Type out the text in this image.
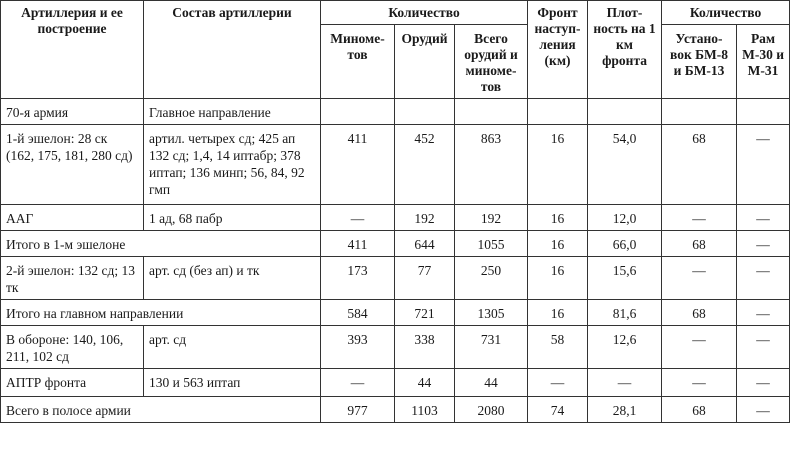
Артиллерия и ее построение	Состав артиллерии	Количество			Фронт наступ-ления (км)	Плот-ность на 1 км фронта	Количество	
		Миноме-тов	Орудий	Всего орудий и миноме-тов			Устано-вок БМ-8 и БМ-13	Рам М-30 и М-31
70-я армия	Главное направление							
1-й эшелон: 28 ск (162, 175, 181, 280 сд)	артил. четырех сд; 425 ап 132 сд; 1,4, 14 иптабр; 378 иптап; 136 минп; 56, 84, 92 гмп	411	452	863	16	54,0	68	—
ААГ	1 ад, 68 пабр	—	192	192	16	12,0	—	—
Итого в 1-м эшелоне		411	644	1055	16	66,0	68	—
2-й эшелон: 132 сд; 13 тк	арт. сд (без ап) и тк	173	77	250	16	15,6	—	—
Итого на главном направлении		584	721	1305	16	81,6	68	—
В обороне: 140, 106, 211, 102 сд	арт. сд	393	338	731	58	12,6	—	—
АПТР фронта	130 и 563 иптап	—	44	44	—	—	—	—
Всего в полосе армии		977	1103	2080	74	28,1	68	—
